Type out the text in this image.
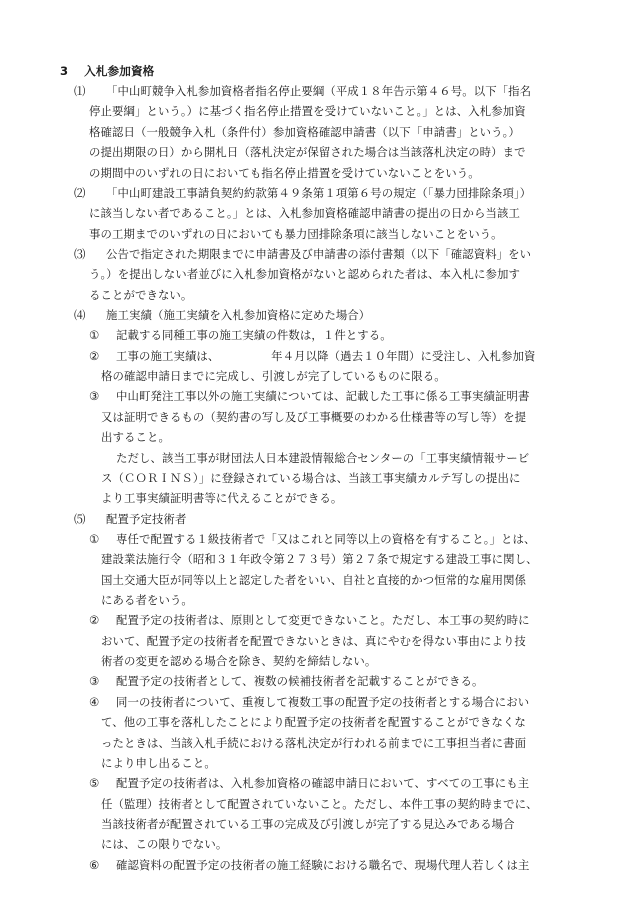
3 入札参加資格
⑴ 「中山町競争入札参加資格者指名停止要綱（平成１８年告示第４６号。以下「指名
停止要綱」という。）に基づく指名停止措置を受けていないこと。」とは、入札参加資
格確認日（一般競争入札（条件付）参加資格確認申請書（以下「申請書」という。）
の提出期限の日）から開札日（落札決定が保留された場合は当該落札決定の時）まで
の期間中のいずれの日においても指名停止措置を受けていないことをいう。
⑵ 「中山町建設工事請負契約約款第４９条第１項第６号の規定（「暴力団排除条項」）
に該当しない者であること。」とは、入札参加資格確認申請書の提出の日から当該工
事の工期までのいずれの日においても暴力団排除条項に該当しないことをいう。
⑶ 公告で指定された期限までに申請書及び申請書の添付書類（以下「確認資料」をい
う。）を提出しない者並びに入札参加資格がないと認められた者は、本入札に参加す
ることができない。
⑷ 施工実績（施工実績を入札参加資格に定めた場合）
① 記載する同種工事の施工実績の件数は，１件とする。
② 工事の施工実績は、　　　　　年４月以降（過去１０年間）に受注し、入札参加資
格の確認申請日までに完成し、引渡しが完了しているものに限る。
③ 中山町発注工事以外の施工実績については、記載した工事に係る工事実績証明書
又は証明できるもの（契約書の写し及び工事概要のわかる仕様書等の写し等）を提
出すること。
ただし、該当工事が財団法人日本建設情報総合センターの「工事実績情報サービ
ス（ＣＯＲＩＮＳ）」に登録されている場合は、当該工事実績カルテ写しの提出に
より工事実績証明書等に代えることができる。
⑸ 配置予定技術者
① 専任で配置する１級技術者で「又はこれと同等以上の資格を有すること。」とは、
建設業法施行令（昭和３１年政令第２７３号）第２７条で規定する建設工事に関し、
国土交通大臣が同等以上と認定した者をいい、自社と直接的かつ恒常的な雇用関係
にある者をいう。
② 配置予定の技術者は、原則として変更できないこと。ただし、本工事の契約時に
おいて、配置予定の技術者を配置できないときは、真にやむを得ない事由により技
術者の変更を認める場合を除き、契約を締結しない。
③ 配置予定の技術者として、複数の候補技術者を記載することができる。
④ 同一の技術者について、重複して複数工事の配置予定の技術者とする場合におい
て、他の工事を落札したことにより配置予定の技術者を配置することができなくな
ったときは、当該入札手続における落札決定が行われる前までに工事担当者に書面
により申し出ること。
⑤ 配置予定の技術者は、入札参加資格の確認申請日において、すべての工事にも主
任（監理）技術者として配置されていないこと。ただし、本件工事の契約時までに、
当該技術者が配置されている工事の完成及び引渡しが完了する見込みである場合
には、この限りでない。
⑥ 確認資料の配置予定の技術者の施工経験における職名で、現場代理人若しくは主
